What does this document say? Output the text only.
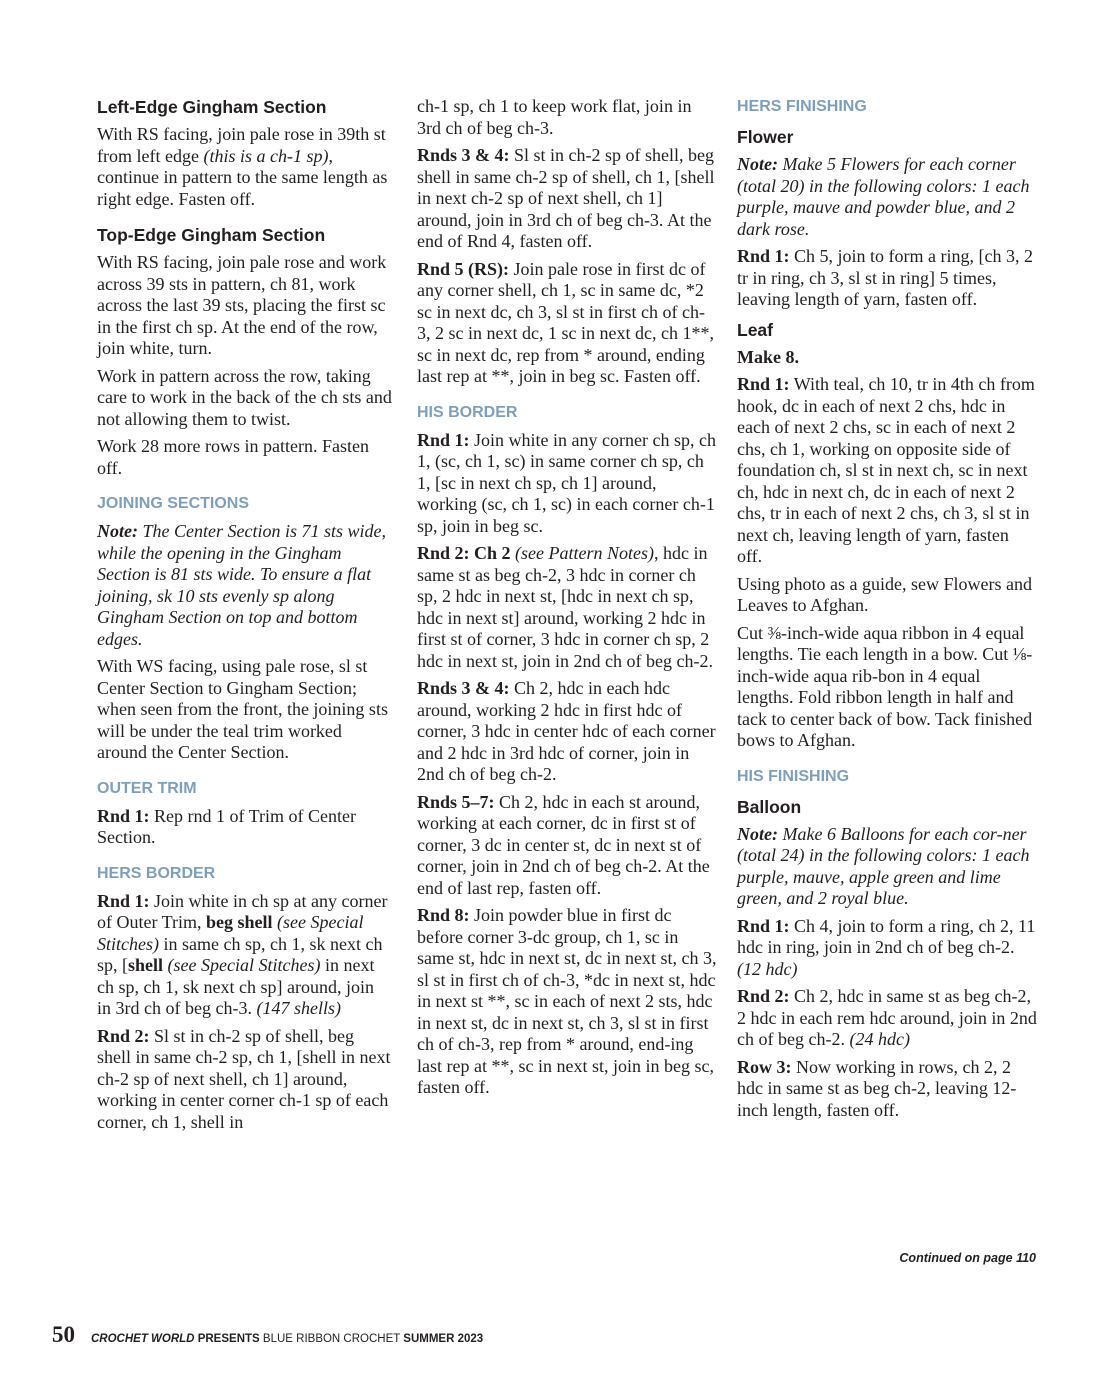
Left-Edge Gingham Section

With RS facing, join pale rose in 39th st from left edge (this is a ch-1 sp), continue in pattern to the same length as right edge. Fasten off.

Top-Edge Gingham Section

With RS facing, join pale rose and work across 39 sts in pattern, ch 81, work across the last 39 sts, placing the first sc in the first ch sp. At the end of the row, join white, turn.

Work in pattern across the row, taking care to work in the back of the ch sts and not allowing them to twist.

Work 28 more rows in pattern. Fasten off.

JOINING SECTIONS

Note: The Center Section is 71 sts wide, while the opening in the Gingham Section is 81 sts wide. To ensure a flat joining, sk 10 sts evenly sp along Gingham Section on top and bottom edges.

With WS facing, using pale rose, sl st Center Section to Gingham Section; when seen from the front, the joining sts will be under the teal trim worked around the Center Section.

OUTER TRIM

Rnd 1: Rep rnd 1 of Trim of Center Section.

HERS BORDER

Rnd 1: Join white in ch sp at any corner of Outer Trim, beg shell (see Special Stitches) in same ch sp, ch 1, sk next ch sp, [shell (see Special Stitches) in next ch sp, ch 1, sk next ch sp] around, join in 3rd ch of beg ch-3. (147 shells)

Rnd 2: Sl st in ch-2 sp of shell, beg shell in same ch-2 sp, ch 1, [shell in next ch-2 sp of next shell, ch 1] around, working in center corner ch-1 sp of each corner, ch 1, shell in

ch-1 sp, ch 1 to keep work flat, join in 3rd ch of beg ch-3.

Rnds 3 & 4: Sl st in ch-2 sp of shell, beg shell in same ch-2 sp of shell, ch 1, [shell in next ch-2 sp of next shell, ch 1] around, join in 3rd ch of beg ch-3. At the end of Rnd 4, fasten off.

Rnd 5 (RS): Join pale rose in first dc of any corner shell, ch 1, sc in same dc, *2 sc in next dc, ch 3, sl st in first ch of ch-3, 2 sc in next dc, 1 sc in next dc, ch 1**, sc in next dc, rep from * around, ending last rep at **, join in beg sc. Fasten off.

HIS BORDER

Rnd 1: Join white in any corner ch sp, ch 1, (sc, ch 1, sc) in same corner ch sp, ch 1, [sc in next ch sp, ch 1] around, working (sc, ch 1, sc) in each corner ch-1 sp, join in beg sc.

Rnd 2: Ch 2 (see Pattern Notes), hdc in same st as beg ch-2, 3 hdc in corner ch sp, 2 hdc in next st, [hdc in next ch sp, hdc in next st] around, working 2 hdc in first st of corner, 3 hdc in corner ch sp, 2 hdc in next st, join in 2nd ch of beg ch-2.

Rnds 3 & 4: Ch 2, hdc in each hdc around, working 2 hdc in first hdc of corner, 3 hdc in center hdc of each corner and 2 hdc in 3rd hdc of corner, join in 2nd ch of beg ch-2.

Rnds 5–7: Ch 2, hdc in each st around, working at each corner, dc in first st of corner, 3 dc in center st, dc in next st of corner, join in 2nd ch of beg ch-2. At the end of last rep, fasten off.

Rnd 8: Join powder blue in first dc before corner 3-dc group, ch 1, sc in same st, hdc in next st, dc in next st, ch 3, sl st in first ch of ch-3, *dc in next st, hdc in next st **, sc in each of next 2 sts, hdc in next st, dc in next st, ch 3, sl st in first ch of ch-3, rep from * around, end-ing last rep at **, sc in next st, join in beg sc, fasten off.

HERS FINISHING
Flower

Note: Make 5 Flowers for each corner (total 20) in the following colors: 1 each purple, mauve and powder blue, and 2 dark rose.

Rnd 1: Ch 5, join to form a ring, [ch 3, 2 tr in ring, ch 3, sl st in ring] 5 times, leaving length of yarn, fasten off.

Leaf

Make 8.

Rnd 1: With teal, ch 10, tr in 4th ch from hook, dc in each of next 2 chs, hdc in each of next 2 chs, sc in each of next 2 chs, ch 1, working on opposite side of foundation ch, sl st in next ch, sc in next ch, hdc in next ch, dc in each of next 2 chs, tr in each of next 2 chs, ch 3, sl st in next ch, leaving length of yarn, fasten off.

Using photo as a guide, sew Flowers and Leaves to Afghan.

Cut ⅜-inch-wide aqua ribbon in 4 equal lengths. Tie each length in a bow. Cut ⅛-inch-wide aqua rib-bon in 4 equal lengths. Fold ribbon length in half and tack to center back of bow. Tack finished bows to Afghan.

HIS FINISHING
Balloon

Note: Make 6 Balloons for each cor-ner (total 24) in the following colors: 1 each purple, mauve, apple green and lime green, and 2 royal blue.

Rnd 1: Ch 4, join to form a ring, ch 2, 11 hdc in ring, join in 2nd ch of beg ch-2. (12 hdc)

Rnd 2: Ch 2, hdc in same st as beg ch-2, 2 hdc in each rem hdc around, join in 2nd ch of beg ch-2. (24 hdc)

Row 3: Now working in rows, ch 2, 2 hdc in same st as beg ch-2, leaving 12-inch length, fasten off.

Continued on page 110
50 CROCHET WORLD PRESENTS BLUE RIBBON CROCHET SUMMER 2023
